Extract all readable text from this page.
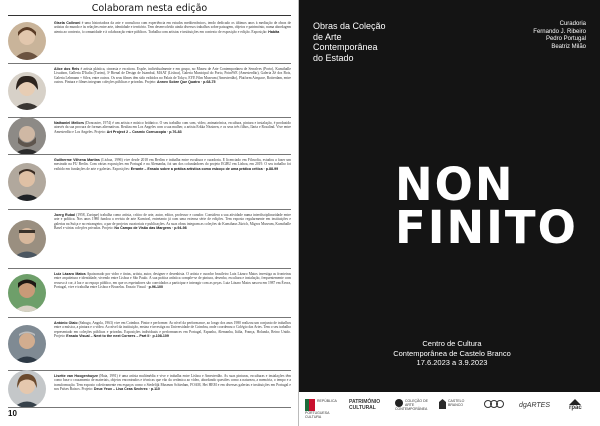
Colaboram nesta edição
Gisela Colleoni é uma historiadora da arte e consultora com experiência em estudos mediterrânicos, tendo dedicado os últimos anos à mediação de obras de artistas do mundo e às relações entre arte, identidade e território. Tem desenvolvido ainda diversos trabalhos sobre paisagem, objetos e património, numa abordagem atenta ao contexto, à comunidade e à colaboração entre públicos. Trabalha com artistas e instituições em contexto de exposição e edição. Exposição: Habita
Alice dos Reis é artista plástica, cineasta e escritora. Expõe, individualmente e em grupo, no Museu de Arte Contemporânea de Serralves (Porto), Kunsthalle Lissabon, Galleria D'Italia (Turim), 3ª Bienal de Design de Istambul, MAAT (Lisboa), Galeria Municipal do Porto, PointWE (Amesterdão), Galeria Zé dos Bois, Galeria Lehmann + Silva, entre outros. Os seus filmes têm sido exibidos no Palais de Tokyo, EYE Film Museum (Amesterdão), Platform Airspace, Rotterdam, entre outros. Pintura e filmes integram coleções públicas e privadas. Projeto: Annex Sobre Que Quatro · p.68-75
Nathaniel Mellors (Doncaster, 1974) é um artista e músico britânico. O seu trabalho com som, vídeo, animatrónica, escultura, pintura e instalação, é produzido através da sua procura de formas alternativas. Realiza em Los Angeles com a sua mulher, a artista Erkka Nissinen, e os seus três filhos, Ilaria e Rosalind. Vive entre Amesterdão e Los Angeles. Projeto: Art Project 2 – Cosmic Cornucopia · p.76-83
Guilherme Vilhena Martins (Lisboa, 1996) vive desde 2018 em Berlim e trabalha entre escultura e curadoria. É licenciado em Filosofia, estudou a fazer um mestrado na FU Berlin. Com várias exposições em Portugal e na Alemanha, foi um dos cofundadores do projeto EGBU em Lisboa, em 2019. O seu trabalho foi exibido em fundações de arte e galerias. Exposições: Errante – Ensaio sobre a prática artística como esboço de uma prática crítica · p.88-99
Joerg Rubal (1958, Zurique) trabalha como artista, crítico de arte, autor, editor, professor e curador. Considera a sua atividade numa interdisciplinaridade entre arte e política. Nos anos 1980 fundou a revista de arte Karnival, entretanto já com uma extensa série de edições. Tem exposto regularmente em instituições e galerias na Suíça e no estrangeiro, a par de projetos curatoriais e publicações. As suas obras integram as coleções do Kunsthaus Zürich, Migros Museum, Kunsthalle Basel e várias coleções privadas. Projeto: No Campo de Visão das Margens · p.94-98
Luiz Lázaro Matos Apaixonado por vidro e tintas, artista, autor, designer e desenhista. O artista e curador brasileiro Luiz Lázaro Matos investiga as fronteiras entre arquitetura e identidade, vivendo entre Lisboa e São Paulo. A sua prática artística compõe-se de pintura, desenho, escultura e instalação, frequentemente com recurso à cor, à luz e ao espaço público, em que os espetadores são convidados a participar e interagir com as peças. Luiz Lázaro Matos nasceu em 1987 em Évora, Portugal, vive e trabalha entre Lisboa e Bruxelas. Ensaio Visual · p.96-100
António Olaio (Sabugo, Angola, 1963) vive em Coimbra. Pintor e performer. Ao nível da performance, ao longo dos anos 1980 realizou um conjunto de trabalhos entre a música, a pintura e o vídeo. Ao nível da instituição, ensina e investiga na Universidade de Coimbra, onde coordenou o Colégio das Artes. Tem o seu trabalho representado em coleções públicas e privadas. Exposições individuais e performances em Portugal, Espanha, Alemanha, Itália, França, Holanda, Reino Unido. Projeto: Ensaio Visual – Next to the next Corners – Part II · p.108-109
Lisette van Hoogenhuyze (Haia, 1991) é uma artista multimédia e vive e trabalha entre Lisboa e Amesterdão. As suas pinturas, esculturas e instalações têm como base o cruzamento de materiais, objetos encontrados e técnicas que vão da cerâmica ao vídeo, abordando questões como a natureza, a memória, o tempo e a transformação. Tem exposto coletivamente em espaços como o Stedelijk Museum Schiedam, FOAM, Het HEM e em diversas galerias e instituições em Portugal e nos Países Baixos. Projeto: Deux Yeux – Lisa Ceas Sechrec · p.110
10
Obras da Coleção
de Arte
Contemporânea
do Estado
Curadoria
Fernando J. Ribeiro
Pedro Portugal
Beatriz Milão
NON
FINITO
Centro de Cultura
Contemporânea de Castelo Branco
17.6.2023 a 3.9.2023
REPÚBLICA PORTUGUESA CULTURA
PATRIMÓNIO CULTURAL
COLEÇÃO DE ARTE CONTEMPORÂNEA
CASTELO BRANCO	dgARTES	rpac
